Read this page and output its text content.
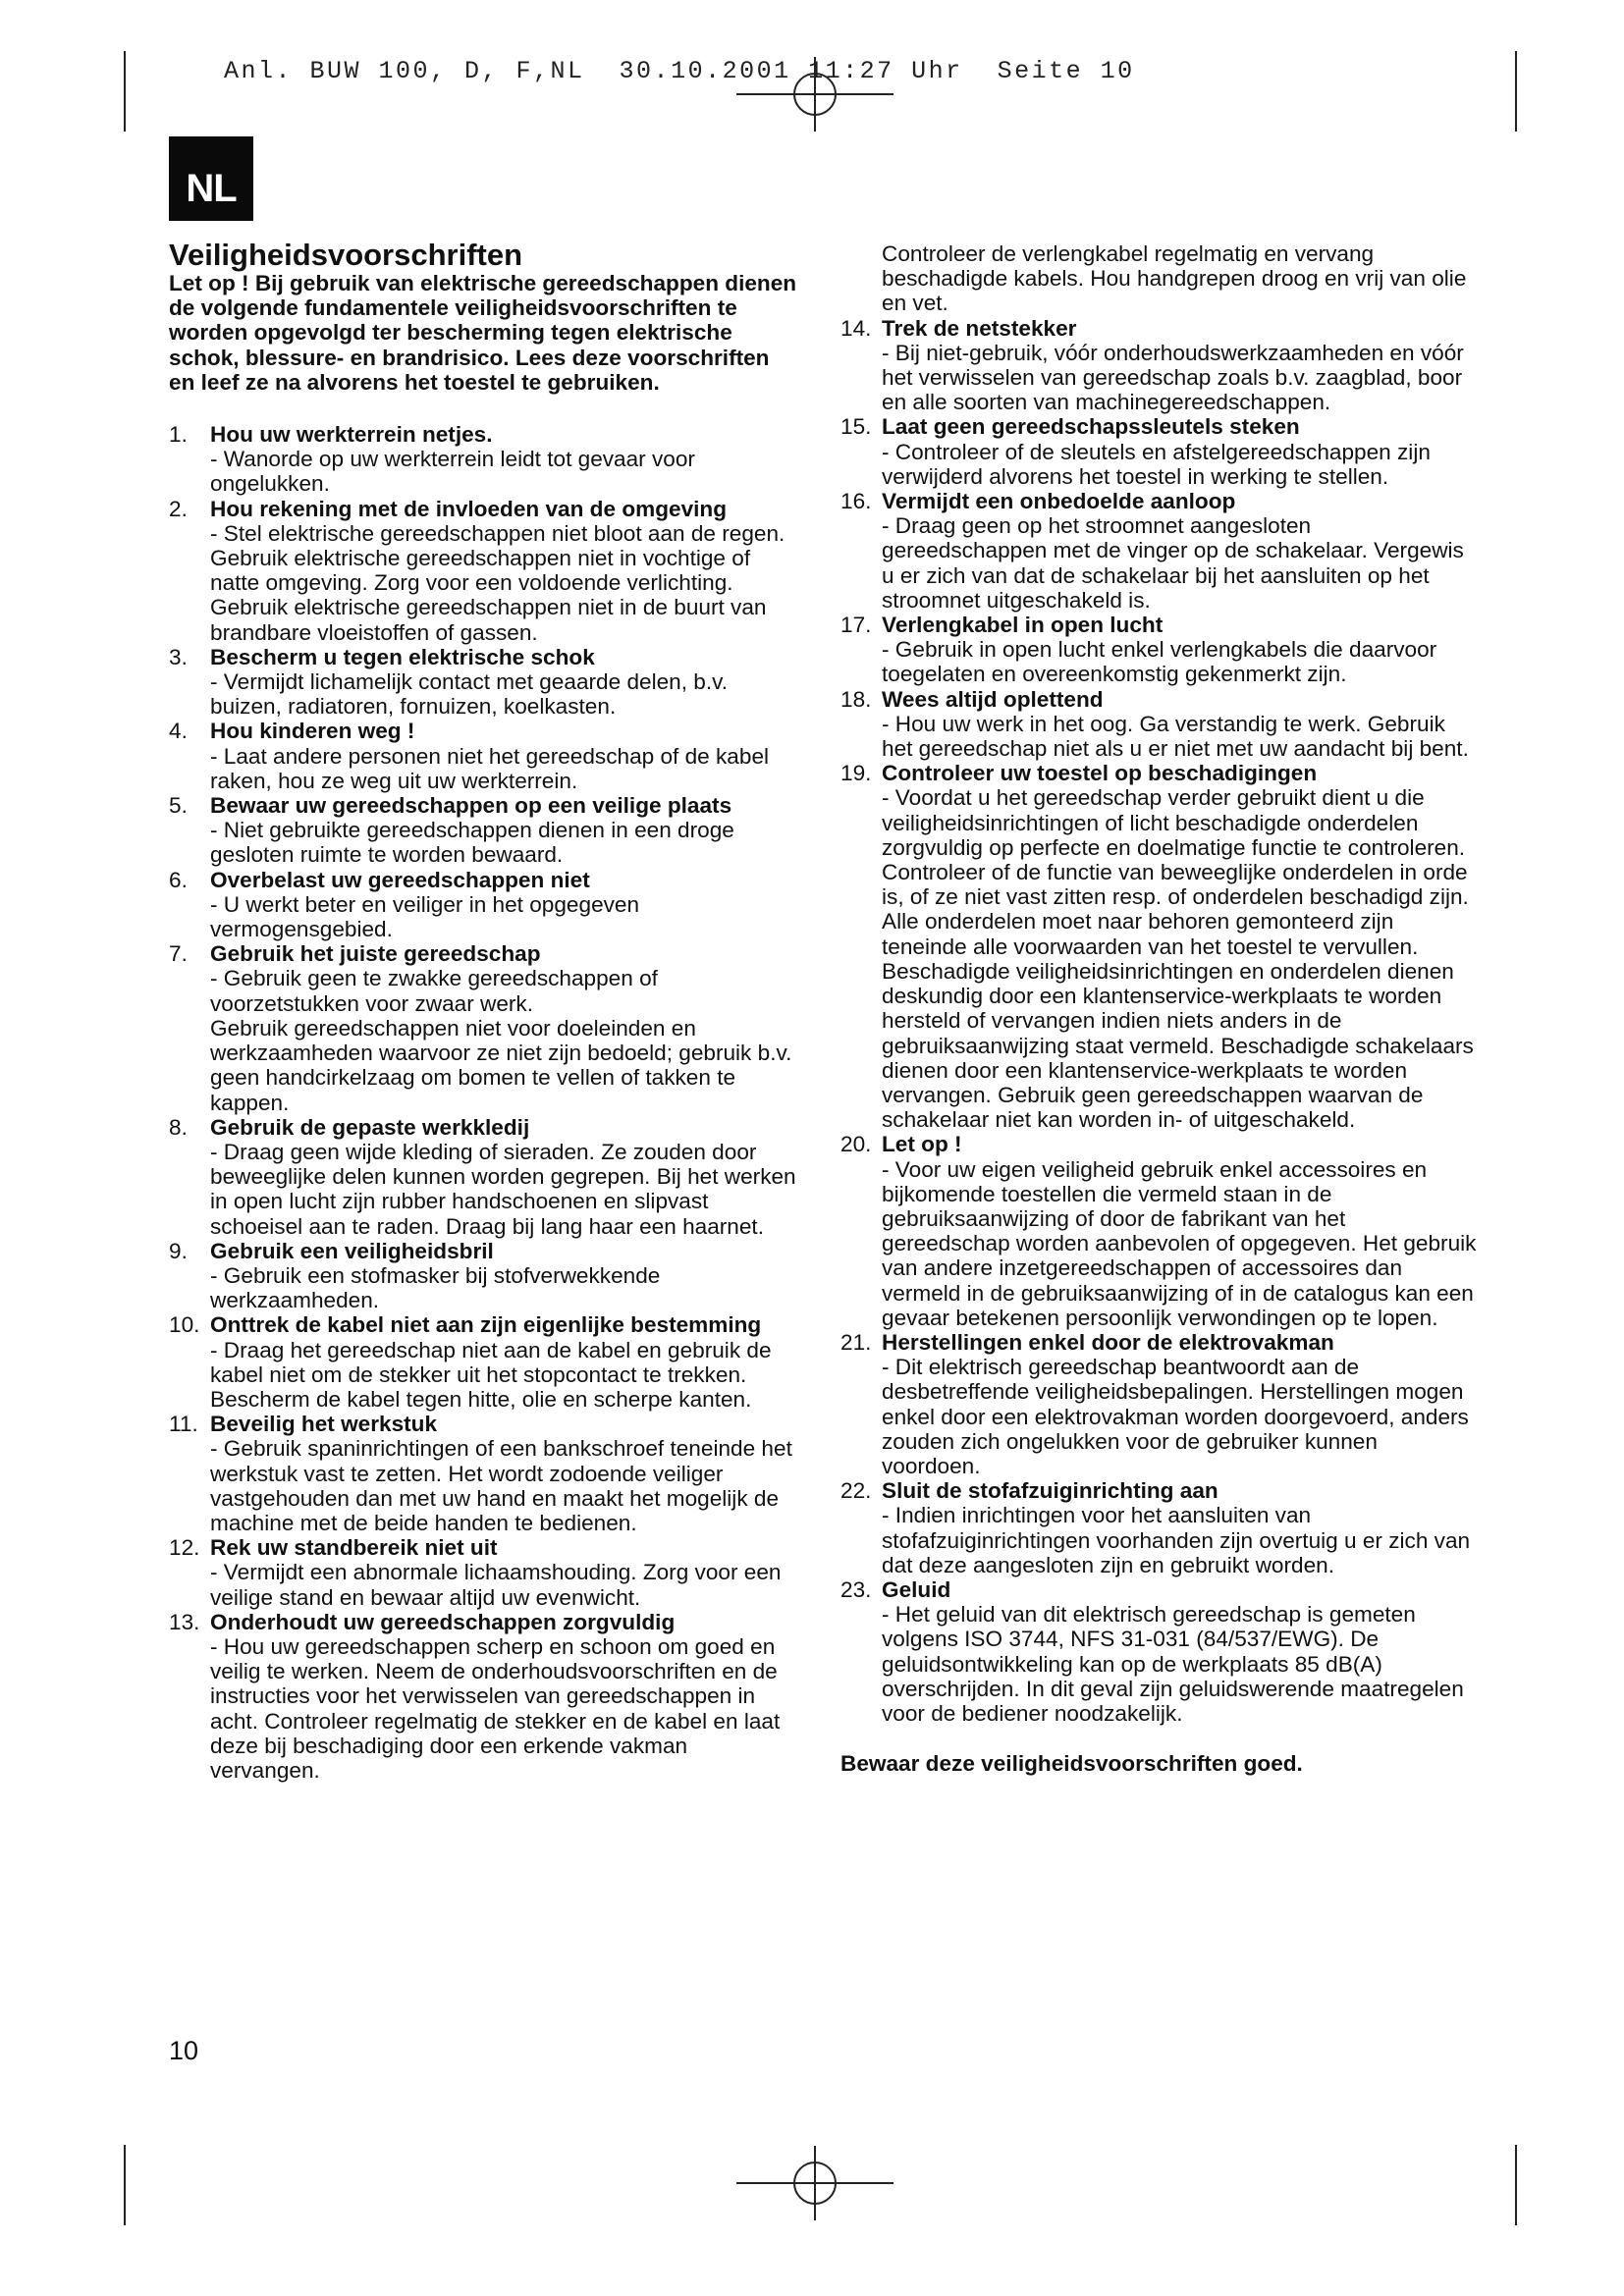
Anl. BUW 100, D, F,NL  30.10.2001 11:27 Uhr  Seite 10
NL
Veiligheidsvoorschriften

Let op ! Bij gebruik van elektrische gereedschappen dienen de volgende fundamentele veiligheidsvoorschriften te worden opgevolgd ter bescherming tegen elektrische schok, blessure- en brandrisico. Lees deze voorschriften en leef ze na alvorens het toestel te gebruiken.

1.	Hou uw werkterrein netjes.

- Wanorde op uw werkterrein leidt tot gevaar voor ongelukken.

2.	Hou rekening met de invloeden van de omgeving

- Stel elektrische gereedschappen niet bloot aan de regen. Gebruik elektrische gereedschappen niet in vochtige of natte omgeving. Zorg voor een voldoende verlichting. Gebruik elektrische gereedschappen niet in de buurt van brandbare vloeistoffen of gassen.

3.	Bescherm u tegen elektrische schok

- Vermijdt lichamelijk contact met geaarde delen, b.v. buizen, radiatoren, fornuizen, koelkasten.

4.	Hou kinderen weg !

- Laat andere personen niet het gereedschap of de kabel raken, hou ze weg uit uw werkterrein.

5.	Bewaar uw gereedschappen op een veilige plaats

- Niet gebruikte gereedschappen dienen in een droge gesloten ruimte te worden bewaard.

6.	Overbelast uw gereedschappen niet

- U werkt beter en veiliger in het opgegeven vermogensgebied.

7.	Gebruik het juiste gereedschap

- Gebruik geen te zwakke gereedschappen of voorzetstukken voor zwaar werk.

Gebruik gereedschappen niet voor doeleinden en werkzaamheden waarvoor ze niet zijn bedoeld; gebruik b.v. geen handcirkelzaag om bomen te vellen of takken te kappen.

8.	Gebruik de gepaste werkkledij

- Draag geen wijde kleding of sieraden. Ze zouden door beweeglijke delen kunnen worden gegrepen. Bij het werken in open lucht zijn rubber handschoenen en slipvast schoeisel aan te raden. Draag bij lang haar een haarnet.

9.	Gebruik een veiligheidsbril

- Gebruik een stofmasker bij stofverwekkende werkzaamheden.

10. Onttrek de kabel niet aan zijn eigenlijke bestemming

- Draag het gereedschap niet aan de kabel en gebruik de kabel niet om de stekker uit het stopcontact te trekken. Bescherm de kabel tegen hitte, olie en scherpe kanten.

11. Beveilig het werkstuk

- Gebruik spaninrichtingen of een bankschroef teneinde het werkstuk vast te zetten. Het wordt zodoende veiliger vastgehouden dan met uw hand en maakt het mogelijk de machine met de beide handen te bedienen.

12. Rek uw standbereik niet uit

- Vermijdt een abnormale lichaamshouding. Zorg voor een veilige stand en bewaar altijd uw evenwicht.

13. Onderhoudt uw gereedschappen zorgvuldig

- Hou uw gereedschappen scherp en schoon om goed en veilig te werken. Neem de onderhoudsvoorschriften en de instructies voor het verwisselen van gereedschappen in acht. Controleer regelmatig de stekker en de kabel en laat deze bij beschadiging door een erkende vakman vervangen.

Controleer de verlengkabel regelmatig en vervang beschadigde kabels. Hou handgrepen droog en vrij van olie en vet.

14. Trek de netstekker

- Bij niet-gebruik, vóór onderhoudswerkzaamheden en vóór het verwisselen van gereedschap zoals b.v. zaagblad, boor en alle soorten van machinegereedschappen.

15. Laat geen gereedschapssleutels steken

- Controleer of de sleutels en afstelgereedschappen zijn verwijderd alvorens het toestel in werking te stellen.

16. Vermijdt een onbedoelde aanloop

- Draag geen op het stroomnet aangesloten gereedschappen met de vinger op de schakelaar. Vergewis u er zich van dat de schakelaar bij het aansluiten op het stroomnet uitgeschakeld is.

17. Verlengkabel in open lucht

- Gebruik in open lucht enkel verlengkabels die daarvoor toegelaten en overeenkomstig gekenmerkt zijn.

18. Wees altijd oplettend

- Hou uw werk in het oog. Ga verstandig te werk. Gebruik het gereedschap niet als u er niet met uw aandacht bij bent.

19. Controleer uw toestel op beschadigingen

- Voordat u het gereedschap verder gebruikt dient u die veiligheidsinrichtingen of licht beschadigde onderdelen zorgvuldig op perfecte en doelmatige functie te controleren. Controleer of de functie van beweeglijke onderdelen in orde is, of ze niet vast zitten resp. of onderdelen beschadigd zijn. Alle onderdelen moet naar behoren gemonteerd zijn teneinde alle voorwaarden van het toestel te vervullen.

Beschadigde veiligheidsinrichtingen en onderdelen dienen deskundig door een klantenservice-werkplaats te worden hersteld of vervangen indien niets anders in de gebruiksaanwijzing staat vermeld. Beschadigde schakelaars dienen door een klantenservice-werkplaats te worden vervangen. Gebruik geen gereedschappen waarvan de schakelaar niet kan worden in- of uitgeschakeld.

20. Let op !

- Voor uw eigen veiligheid gebruik enkel accessoires en bijkomende toestellen die vermeld staan in de gebruiksaanwijzing of door de fabrikant van het gereedschap worden aanbevolen of opgegeven. Het gebruik van andere inzetgereedschappen of accessoires dan vermeld in de gebruiksaanwijzing of in de catalogus kan een gevaar betekenen persoonlijk verwondingen op te lopen.

21. Herstellingen enkel door de elektrovakman

- Dit elektrisch gereedschap beantwoordt aan de desbetreffende veiligheidsbepalingen. Herstellingen mogen enkel door een elektrovakman worden doorgevoerd, anders zouden zich ongelukken voor de gebruiker kunnen voordoen.

22. Sluit de stofafzuiginrichting aan

- Indien inrichtingen voor het aansluiten van stofafzuiginrichtingen voorhanden zijn overtuig u er zich van dat deze aangesloten zijn en gebruikt worden.

23. Geluid

- Het geluid van dit elektrisch gereedschap is gemeten volgens ISO 3744, NFS 31-031 (84/537/EWG). De geluidsontwikkeling kan op de werkplaats 85 dB(A) overschrijden. In dit geval zijn geluidswerende maatregelen voor de bediener noodzakelijk.

Bewaar deze veiligheidsvoorschriften goed.

10
